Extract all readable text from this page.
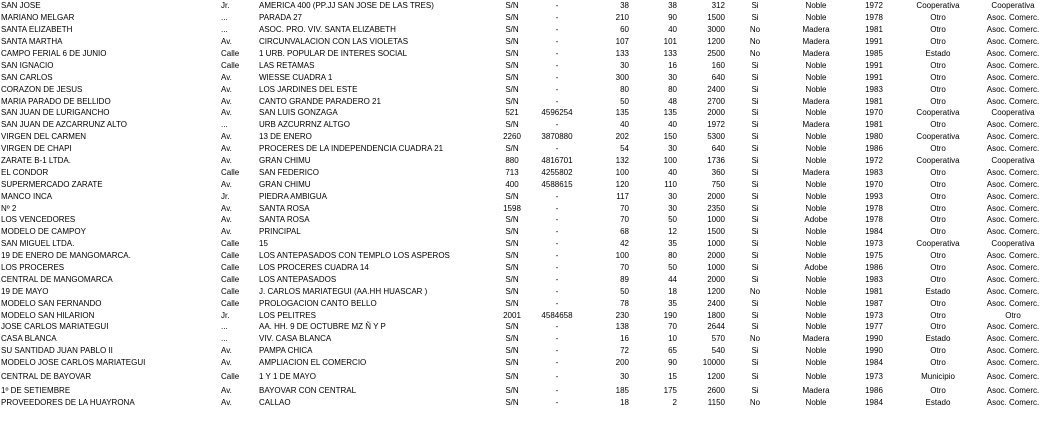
SAN JOSE	Jr.	AMERICA 400 (PP.JJ SAN JOSE DE LAS TRES)	S/N	-	38	38	312	Si	Noble	1972	Cooperativa	Cooperativa
MARIANO MELGAR	...	PARADA 27	S/N	-	210	90	1500	Si	Noble	1978	Otro	Asoc. Comerc.
SANTA ELIZABETH	...	ASOC. PRO. VIV. SANTA ELIZABETH	S/N	-	60	40	3000	No	Madera	1981	Otro	Asoc. Comerc.
SANTA MARTHA	Av.	CIRCUNVALACION CON LAS VIOLETAS	S/N	-	107	101	1200	No	Madera	1991	Otro	Asoc. Comerc.
CAMPO FERIAL 6 DE JUNIO	Calle	1 URB. POPULAR DE INTERES SOCIAL	S/N	-	133	133	2500	No	Madera	1985	Estado	Asoc. Comerc.
SAN IGNACIO	Calle	LAS RETAMAS	S/N	-	30	16	160	Si	Noble	1991	Otro	Asoc. Comerc.
SAN CARLOS	Av.	WIESSE CUADRA 1	S/N	-	300	30	640	Si	Noble	1991	Otro	Asoc. Comerc.
CORAZON DE JESUS	Av.	LOS JARDINES DEL ESTE	S/N	-	80	80	2400	Si	Noble	1983	Otro	Asoc. Comerc.
MARIA PARADO DE BELLIDO	Av.	CANTO GRANDE PARADERO 21	S/N	-	50	48	2700	Si	Madera	1981	Otro	Asoc. Comerc.
SAN JUAN DE LURIGANCHO	Av.	SAN LUIS GONZAGA	521	4596254	135	135	2000	Si	Noble	1970	Cooperativa	Cooperativa
SAN JUAN DE AZCARRUNZ ALTO	...	URB AZCURRNZ ALTGO	S/N	-	40	40	1972	Si	Madera	1981	Otro	Asoc. Comerc.
VIRGEN DEL CARMEN	Av.	13 DE ENERO	2260	3870880	202	150	5300	Si	Noble	1980	Cooperativa	Asoc. Comerc.
VIRGEN DE CHAPI	Av.	PROCERES DE LA INDEPENDENCIA CUADRA 21	S/N	-	54	30	640	Si	Noble	1986	Otro	Asoc. Comerc.
ZARATE B-1 LTDA.	Av.	GRAN CHIMU	880	4816701	132	100	1736	Si	Noble	1972	Cooperativa	Cooperativa
EL CONDOR	Calle	SAN FEDERICO	713	4255802	100	40	360	Si	Madera	1983	Otro	Asoc. Comerc.
SUPERMERCADO ZARATE	Av.	GRAN CHIMU	400	4588615	120	110	750	Si	Noble	1970	Otro	Asoc. Comerc.
MANCO INCA	Jr.	PIEDRA AMBIGUA	S/N	-	117	30	2000	Si	Noble	1993	Otro	Asoc. Comerc.
Nº 2	Av.	SANTA ROSA	1598	-	70	30	2350	Si	Noble	1978	Otro	Asoc. Comerc.
LOS VENCEDORES	Av.	SANTA ROSA	S/N	-	70	50	1000	Si	Adobe	1978	Otro	Asoc. Comerc.
MODELO DE CAMPOY	Av.	PRINCIPAL	S/N	-	68	12	1500	Si	Noble	1984	Otro	Asoc. Comerc.
SAN MIGUEL LTDA.	Calle	15	S/N	-	42	35	1000	Si	Noble	1973	Cooperativa	Cooperativa
19 DE ENERO DE MANGOMARCA.	Calle	LOS ANTEPASADOS CON TEMPLO LOS ASPEROS	S/N	-	100	80	2000	Si	Noble	1975	Otro	Asoc. Comerc.
LOS PROCERES	Calle	LOS PROCERES CUADRA 14	S/N	-	70	50	1000	Si	Adobe	1986	Otro	Asoc. Comerc.
CENTRAL DE MANGOMARCA	Calle	LOS ANTEPASADOS	S/N	-	89	44	2000	Si	Noble	1983	Otro	Asoc. Comerc.
19 DE MAYO	Calle	J. CARLOS MARIATEGUI (AA.HH HUASCAR )	S/N	-	50	18	1200	No	Noble	1981	Estado	Asoc. Comerc.
MODELO SAN FERNANDO	Calle	PROLOGACION CANTO BELLO	S/N	-	78	35	2400	Si	Noble	1987	Otro	Asoc. Comerc.
MODELO SAN HILARION	Jr.	LOS PELITRES	2001	4584658	230	190	1800	Si	Noble	1973	Otro	Otro
JOSE CARLOS MARIATEGUI	...	AA. HH. 9 DE OCTUBRE MZ Ñ Y P	S/N	-	138	70	2644	Si	Noble	1977	Otro	Asoc. Comerc.
CASA BLANCA	...	VIV. CASA BLANCA	S/N	-	16	10	570	No	Madera	1990	Estado	Asoc. Comerc.
SU SANTIDAD JUAN PABLO II	Av.	PAMPA CHICA	S/N	-	72	65	540	Si	Noble	1990	Otro	Asoc. Comerc.
MODELO JOSE CARLOS MARIATEGUI	Av.	AMPLIACION EL COMERCIO	S/N	-	200	90	10000	Si	Noble	1984	Otro	Asoc. Comerc.
CENTRAL DE BAYOVAR	Calle	1 Y 1 DE MAYO	S/N	-	30	15	1200	Si	Noble	1973	Municipio	Asoc. Comerc.
1º DE SETIEMBRE	Av.	BAYOVAR CON CENTRAL	S/N	-	185	175	2600	Si	Madera	1986	Otro	Asoc. Comerc.
PROVEEDORES DE LA HUAYRONA	Av.	CALLAO	S/N	-	18	2	1150	No	Noble	1984	Estado	Asoc. Comerc.
